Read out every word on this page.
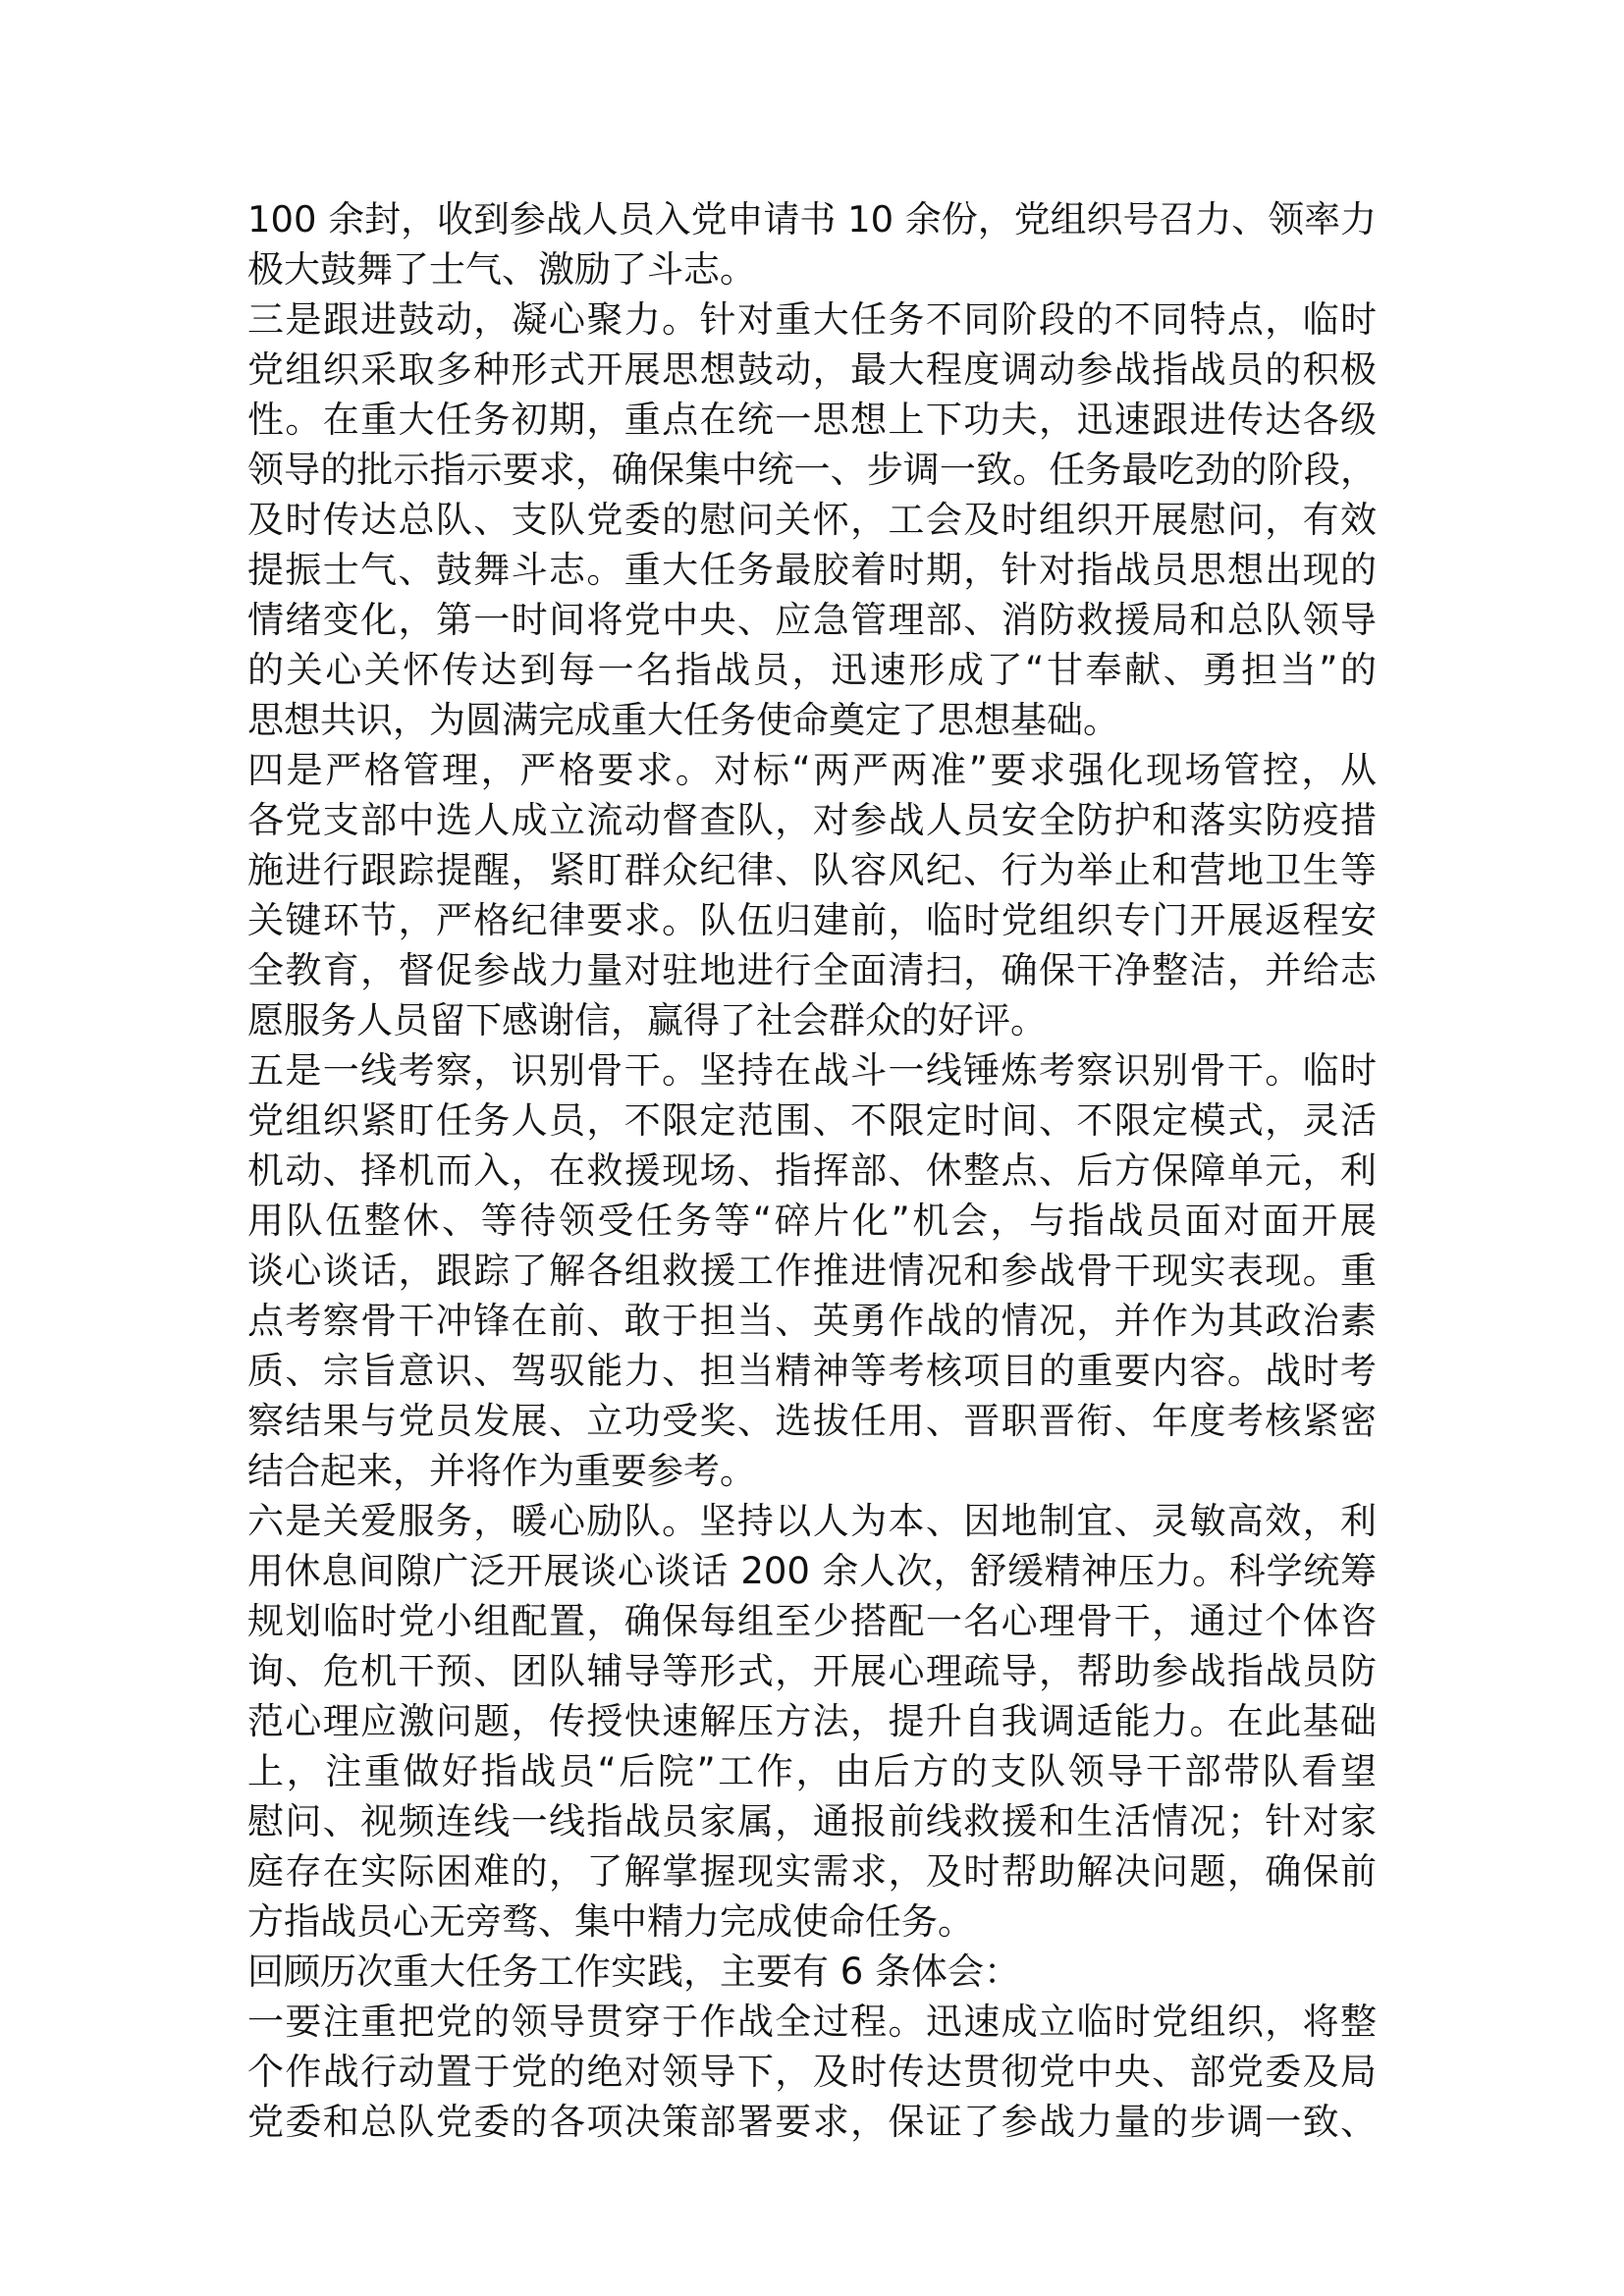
100 余封，收到参战人员入党申请书 10 余份，党组织号召力、领率力
极大鼓舞了士气、激励了斗志。
三是跟进鼓动，凝心聚力。针对重大任务不同阶段的不同特点，临时
党组织采取多种形式开展思想鼓动，最大程度调动参战指战员的积极
性。在重大任务初期，重点在统一思想上下功夫，迅速跟进传达各级
领导的批示指示要求，确保集中统一、步调一致。任务最吃劲的阶段，
及时传达总队、支队党委的慰问关怀，工会及时组织开展慰问，有效
提振士气、鼓舞斗志。重大任务最胶着时期，针对指战员思想出现的
情绪变化，第一时间将党中央、应急管理部、消防救援局和总队领导
的关心关怀传达到每一名指战员，迅速形成了“甘奉献、勇担当”的
思想共识，为圆满完成重大任务使命奠定了思想基础。
四是严格管理，严格要求。对标“两严两准”要求强化现场管控，从
各党支部中选人成立流动督查队，对参战人员安全防护和落实防疫措
施进行跟踪提醒，紧盯群众纪律、队容风纪、行为举止和营地卫生等
关键环节，严格纪律要求。队伍归建前，临时党组织专门开展返程安
全教育，督促参战力量对驻地进行全面清扫，确保干净整洁，并给志
愿服务人员留下感谢信，赢得了社会群众的好评。
五是一线考察，识别骨干。坚持在战斗一线锤炼考察识别骨干。临时
党组织紧盯任务人员，不限定范围、不限定时间、不限定模式，灵活
机动、择机而入，在救援现场、指挥部、休整点、后方保障单元，利
用队伍整休、等待领受任务等“碎片化”机会，与指战员面对面开展
谈心谈话，跟踪了解各组救援工作推进情况和参战骨干现实表现。重
点考察骨干冲锋在前、敢于担当、英勇作战的情况，并作为其政治素
质、宗旨意识、驾驭能力、担当精神等考核项目的重要内容。战时考
察结果与党员发展、立功受奖、选拔任用、晋职晋衔、年度考核紧密
结合起来，并将作为重要参考。
六是关爱服务，暖心励队。坚持以人为本、因地制宜、灵敏高效，利
用休息间隙广泛开展谈心谈话 200 余人次，舒缓精神压力。科学统筹
规划临时党小组配置，确保每组至少搭配一名心理骨干，通过个体咨
询、危机干预、团队辅导等形式，开展心理疏导，帮助参战指战员防
范心理应激问题，传授快速解压方法，提升自我调适能力。在此基础
上，注重做好指战员“后院”工作，由后方的支队领导干部带队看望
慰问、视频连线一线指战员家属，通报前线救援和生活情况；针对家
庭存在实际困难的，了解掌握现实需求，及时帮助解决问题，确保前
方指战员心无旁骛、集中精力完成使命任务。
回顾历次重大任务工作实践，主要有 6 条体会：
一要注重把党的领导贯穿于作战全过程。迅速成立临时党组织，将整
个作战行动置于党的绝对领导下，及时传达贯彻党中央、部党委及局
党委和总队党委的各项决策部署要求，保证了参战力量的步调一致、
